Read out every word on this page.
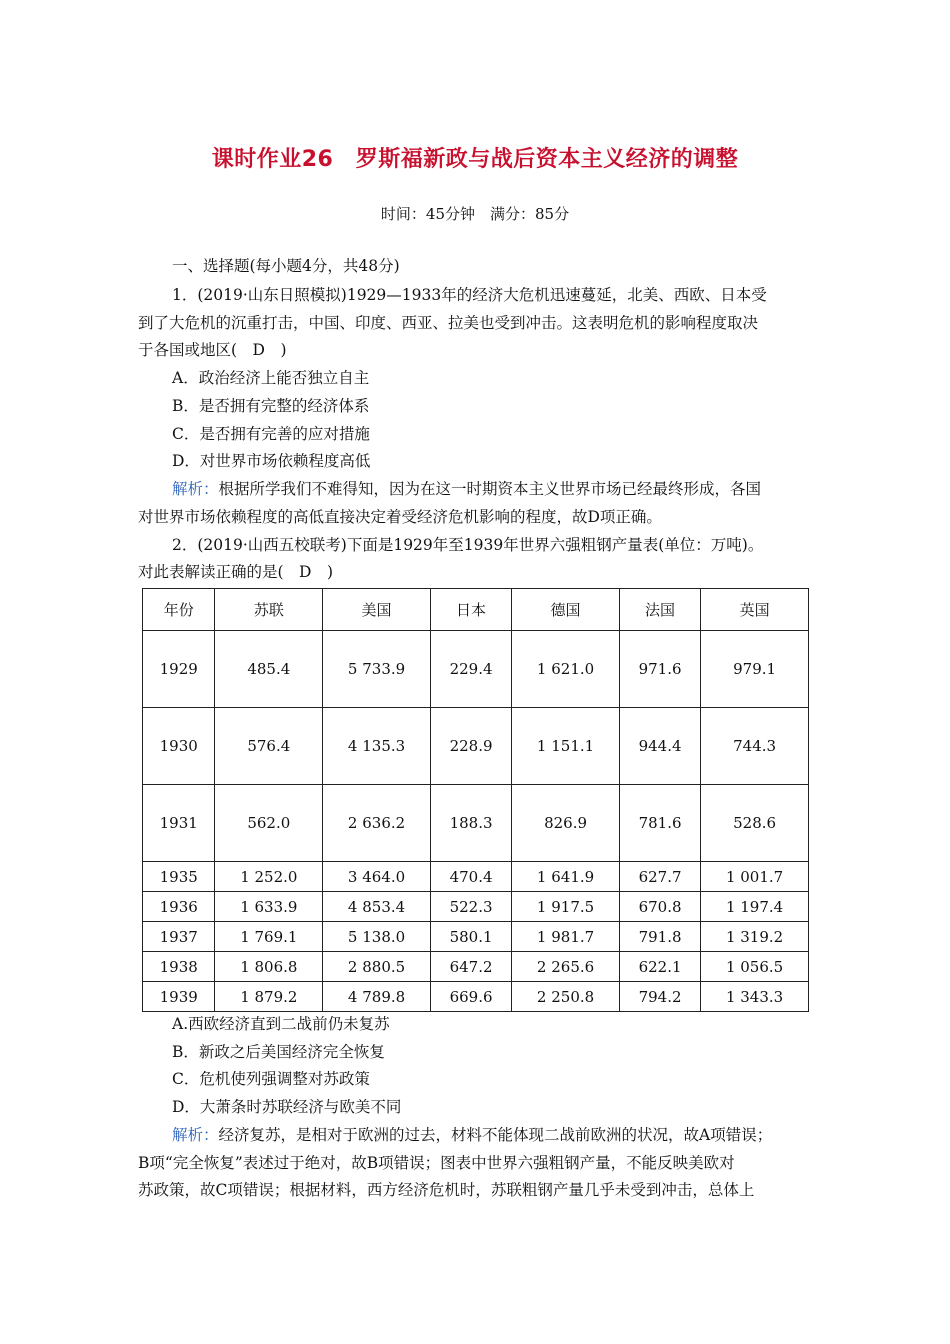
课时作业26　罗斯福新政与战后资本主义经济的调整
时间：45分钟　满分：85分
一、选择题(每小题4分，共48分)
1．(2019·山东日照模拟)1929—1933年的经济大危机迅速蔓延，北美、西欧、日本受
到了大危机的沉重打击，中国、印度、西亚、拉美也受到冲击。这表明危机的影响程度取决
于各国或地区(　D　)
A．政治经济上能否独立自主
B．是否拥有完整的经济体系
C．是否拥有完善的应对措施
D．对世界市场依赖程度高低
解析：根据所学我们不难得知，因为在这一时期资本主义世界市场已经最终形成，各国
对世界市场依赖程度的高低直接决定着受经济危机影响的程度，故D项正确。
2．(2019·山西五校联考)下面是1929年至1939年世界六强粗钢产量表(单位：万吨)。
对此表解读正确的是(　D　)
年份	苏联	美国	日本	德国	法国	英国
1929	485.4	5 733.9	229.4	1 621.0	971.6	979.1
1930	576.4	4 135.3	228.9	1 151.1	944.4	744.3
1931	562.0	2 636.2	188.3	826.9	781.6	528.6
1935	1 252.0	3 464.0	470.4	1 641.9	627.7	1 001.7
1936	1 633.9	4 853.4	522.3	1 917.5	670.8	1 197.4
1937	1 769.1	5 138.0	580.1	1 981.7	791.8	1 319.2
1938	1 806.8	2 880.5	647.2	2 265.6	622.1	1 056.5
1939	1 879.2	4 789.8	669.6	2 250.8	794.2	1 343.3
A.西欧经济直到二战前仍未复苏
B．新政之后美国经济完全恢复
C．危机使列强调整对苏政策
D．大萧条时苏联经济与欧美不同
解析：经济复苏，是相对于欧洲的过去，材料不能体现二战前欧洲的状况，故A项错误；
B项“完全恢复”表述过于绝对，故B项错误；图表中世界六强粗钢产量，不能反映美欧对
苏政策，故C项错误；根据材料，西方经济危机时，苏联粗钢产量几乎未受到冲击，总体上
